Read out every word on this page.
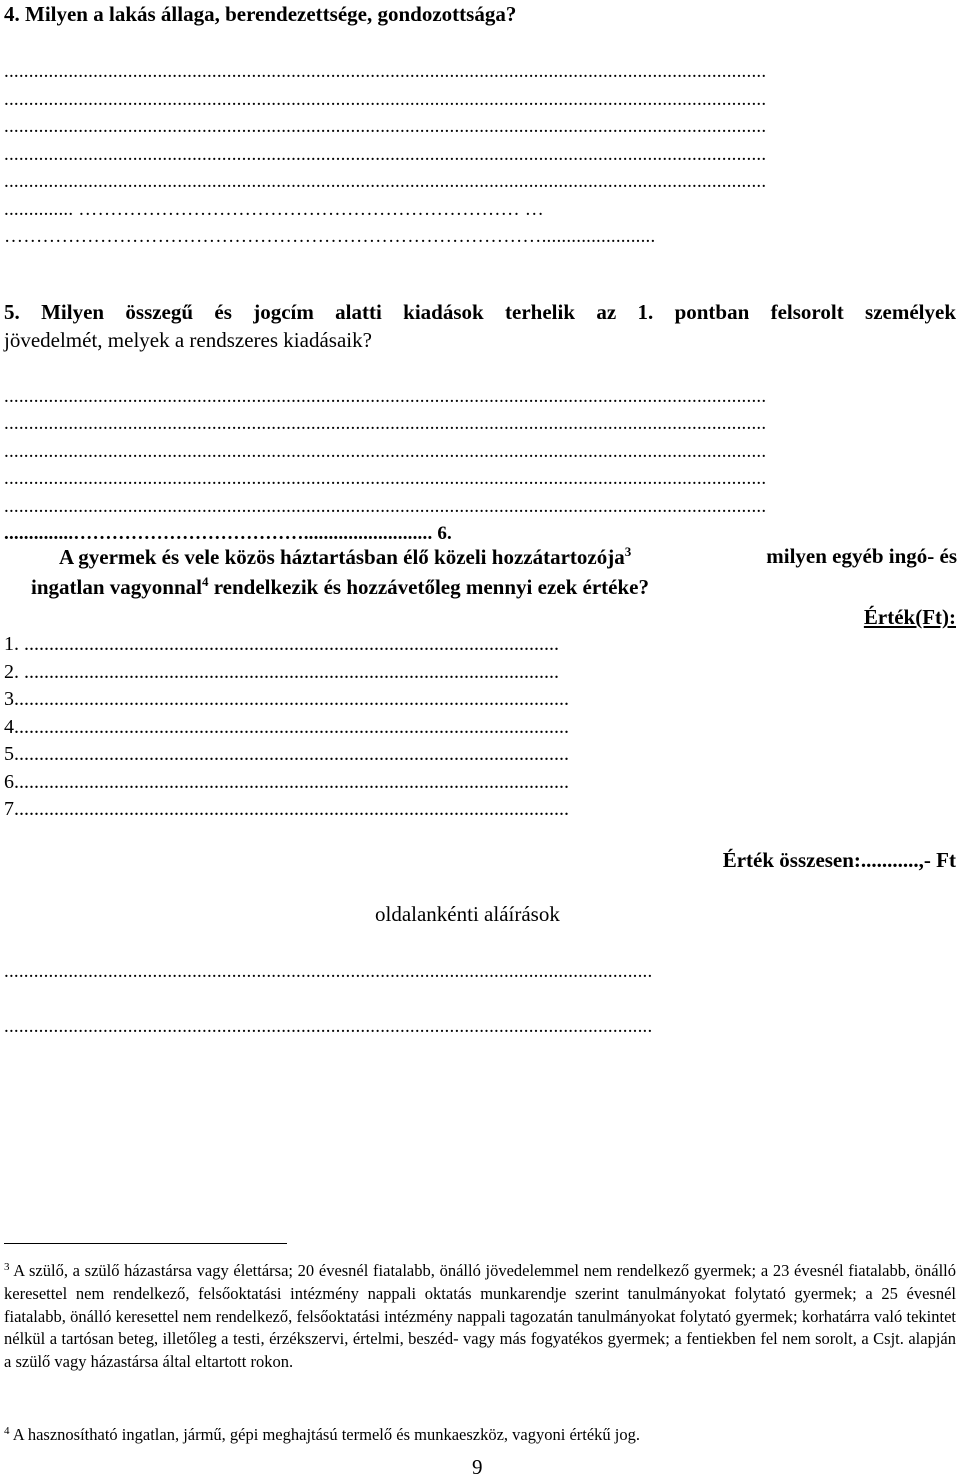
4. Milyen a lakás állaga, berendezettsége, gondozottsága?
..........................................................................................................................................................
..........................................................................................................................................................
..........................................................................................................................................................
..........................................................................................................................................................
..........................................................................................................................................................
.............. …………………………………………………………… …
………………………………………………………………………….......................
5. Milyen összegű és jogcím alatti kiadások terhelik az 1. pontban felsorolt személyek
jövedelmét, melyek a rendszeres kiadásaik?
..........................................................................................................................................................
..........................................................................................................................................................
..........................................................................................................................................................
..........................................................................................................................................................
..........................................................................................................................................................
..............……………………………….......................... 6.
A gyermek és vele közös háztartásban élő közeli hozzátartozója$^3$	milyen egyéb ingó- és
ingatlan vagyonnal$^4$ rendelkezik és hozzávetőleg mennyi ezek értéke?
Érték(Ft):
1. ...........................................................................................................
2. ...........................................................................................................
3...............................................................................................................
4...............................................................................................................
5...............................................................................................................
6...............................................................................................................
7...............................................................................................................
Érték összesen:...........,- Ft
oldalankénti aláírások
...................................................................................................................................
...................................................................................................................................
$^3$ A szülő, a szülő házastársa vagy élettársa; 20 évesnél fiatalabb, önálló jövedelemmel nem rendelkező gyermek; a 23 évesnél fiatalabb, önálló keresettel nem rendelkező, felsőoktatási intézmény nappali oktatás munkarendje szerint tanulmányokat folytató gyermek; a 25 évesnél fiatalabb, önálló keresettel nem rendelkező, felsőoktatási intézmény nappali tagozatán tanulmányokat folytató gyermek; korhatárra való tekintet nélkül a tartósan beteg, illetőleg a testi, érzékszervi, értelmi, beszéd- vagy más fogyatékos gyermek; a fentiekben fel nem sorolt, a Csjt. alapján a szülő vagy házastársa által eltartott rokon.
$^4$ A hasznosítható ingatlan, jármű, gépi meghajtású termelő és munkaeszköz, vagyoni értékű jog.
9
